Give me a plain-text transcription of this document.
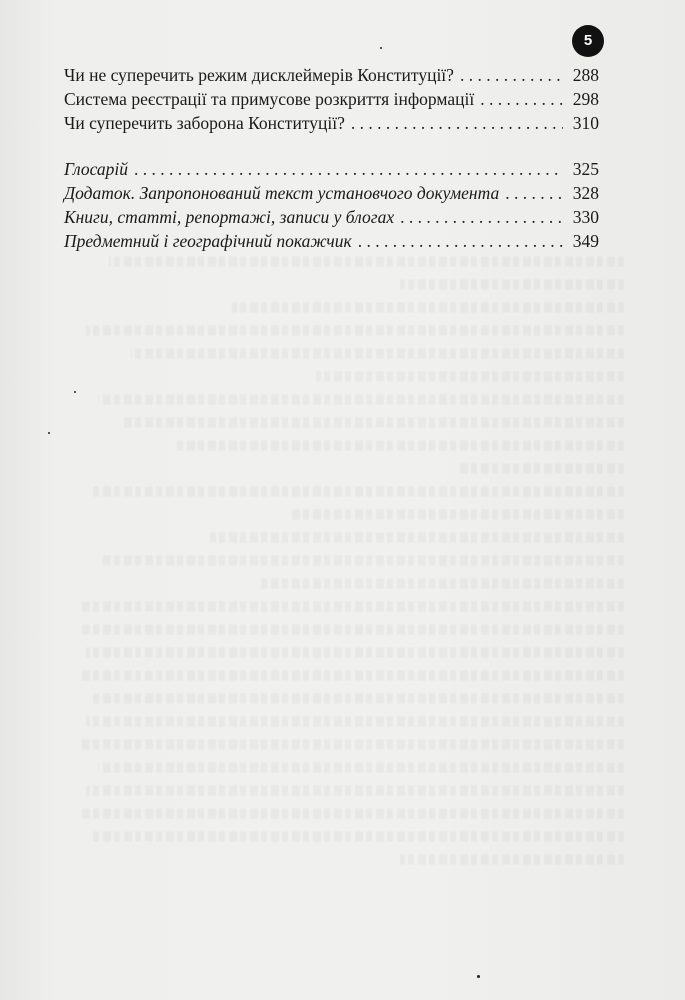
5
Чи не суперечить режим дисклеймерів Конституції? . . .	288
Система реєстрації та примусове розкриття інформації . . .	298
Чи суперечить заборона Конституції? . . .	310
Глосарій . . .	325
Додаток. Запропонований текст установчого документа . . .	328
Книги, статті, репортажі, записи у блогах . . .	330
Предметний і географічний покажчик . . .	349
